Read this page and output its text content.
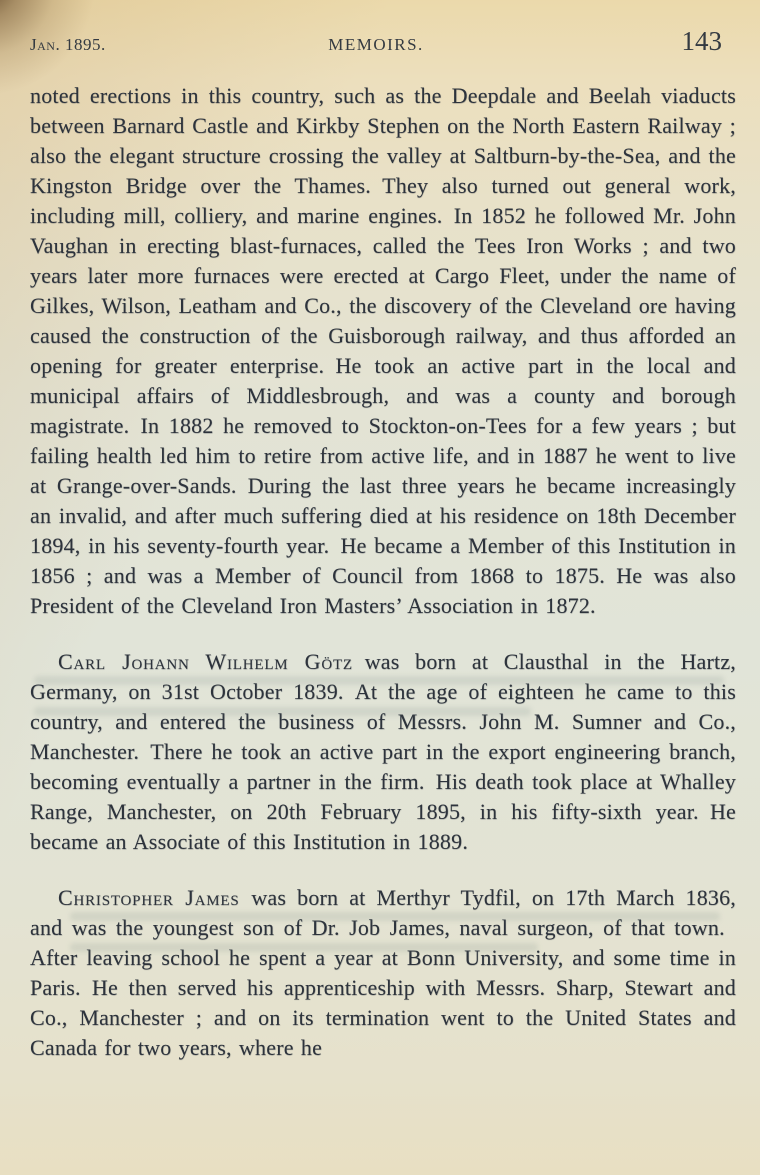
Jan. 1895.	MEMOIRS.	143

noted erections in this country, such as the Deepdale and Beelah viaducts between Barnard Castle and Kirkby Stephen on the North Eastern Railway ; also the elegant structure crossing the valley at Saltburn-by-the-Sea, and the Kingston Bridge over the Thames. They also turned out general work, including mill, colliery, and marine engines. In 1852 he followed Mr. John Vaughan in erecting blast-furnaces, called the Tees Iron Works ; and two years later more furnaces were erected at Cargo Fleet, under the name of Gilkes, Wilson, Leatham and Co., the discovery of the Cleveland ore having caused the construction of the Guisborough railway, and thus afforded an opening for greater enterprise. He took an active part in the local and municipal affairs of Middlesbrough, and was a county and borough magistrate. In 1882 he removed to Stockton-on-Tees for a few years ; but failing health led him to retire from active life, and in 1887 he went to live at Grange-over-Sands. During the last three years he became increasingly an invalid, and after much suffering died at his residence on 18th December 1894, in his seventy-fourth year. He became a Member of this Institution in 1856 ; and was a Member of Council from 1868 to 1875. He was also President of the Cleveland Iron Masters’ Association in 1872.

Carl Johann Wilhelm Götz was born at Clausthal in the Hartz, Germany, on 31st October 1839. At the age of eighteen he came to this country, and entered the business of Messrs. John M. Sumner and Co., Manchester. There he took an active part in the export engineering branch, becoming eventually a partner in the firm. His death took place at Whalley Range, Manchester, on 20th February 1895, in his fifty-sixth year. He became an Associate of this Institution in 1889.

Christopher James was born at Merthyr Tydfil, on 17th March 1836, and was the youngest son of Dr. Job James, naval surgeon, of that town. After leaving school he spent a year at Bonn University, and some time in Paris. He then served his apprenticeship with Messrs. Sharp, Stewart and Co., Manchester ; and on its termination went to the United States and Canada for two years, where he
